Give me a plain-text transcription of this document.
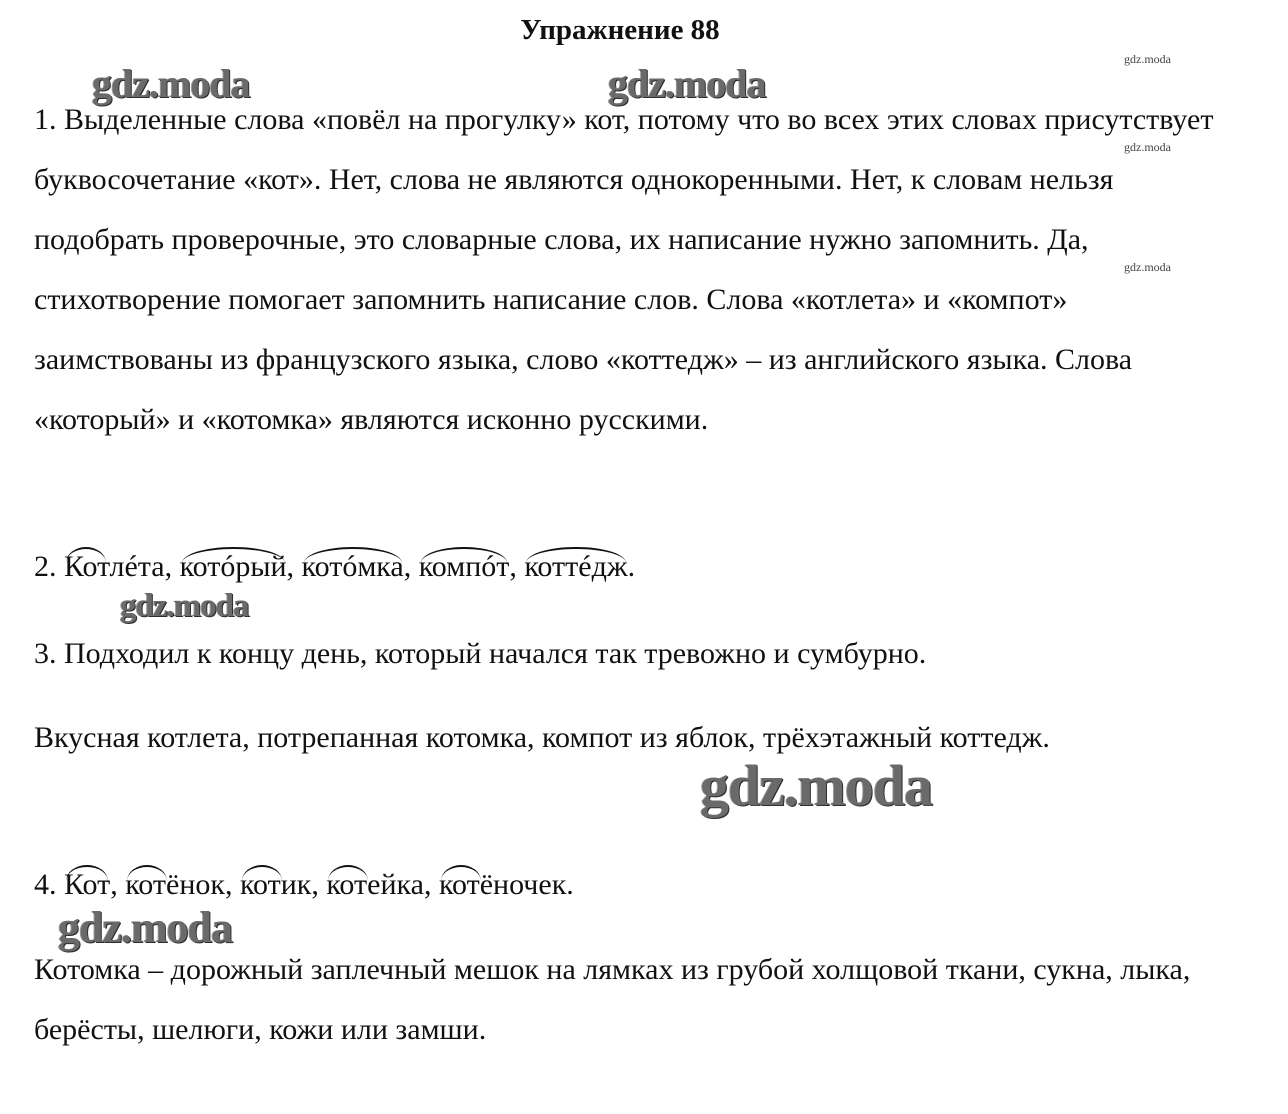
Упражнение 88
gdz.moda	gdz.moda
gdz.moda
gdz.moda
gdz.moda
gdz.moda
gdz.moda
gdz.moda
1. Выделенные слова «повёл на прогулку» кот, потому что во всех этих словах присутствует буквосочетание «кот». Нет, слова не являются однокоренными. Нет, к словам нельзя подобрать проверочные, это словарные слова, их написание нужно запомнить. Да, стихотворение помогает запомнить написание слов. Слова «котлета» и «компот» заимствованы из французского языка, слово «коттедж» – из английского языка. Слова «который» и «котомка» являются исконно русскими.
2. Котлéта,
котóрый,
котóмка,
компóт,
коттéдж.
3. Подходил к концу день, который начался так тревожно и сумбурно.
Вкусная котлета, потрепанная котомка, компот из яблок, трёхэтажный коттедж.
4. Кот,
котёнок,
котик,
котейка,
котёночек.
Котомка – дорожный заплечный мешок на лямках из грубой холщовой ткани, сукна, лыка, берёсты, шелюги, кожи или замши.
